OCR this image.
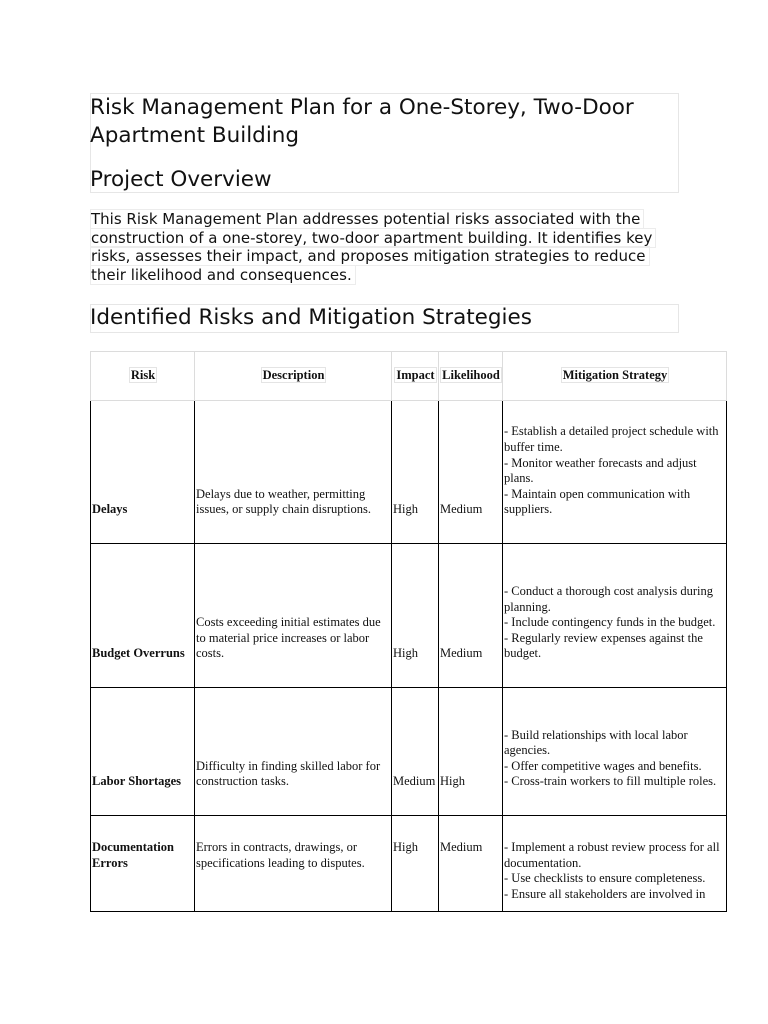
Risk Management Plan for a One-Storey, Two-Door Apartment Building
Project Overview
This Risk Management Plan addresses potential risks associated with the
construction of a one-storey, two-door apartment building. It identifies key
risks, assesses their impact, and proposes mitigation strategies to reduce
their likelihood and consequences.
Identified Risks and Mitigation Strategies
Risk	Description	Impact	Likelihood	Mitigation Strategy
Delays	Delays due to weather, permitting issues, or supply chain disruptions.	High	Medium	- Establish a detailed project schedule with buffer time.
- Monitor weather forecasts and adjust plans.
- Maintain open communication with suppliers.

Budget Overruns	Costs exceeding initial estimates due to material price increases or labor costs.	High	Medium	- Conduct a thorough cost analysis during planning.
- Include contingency funds in the budget.
- Regularly review expenses against the budget.

Labor Shortages	Difficulty in finding skilled labor for construction tasks.	Medium	High	- Build relationships with local labor agencies.
- Offer competitive wages and benefits.
- Cross-train workers to fill multiple roles.

Documentation Errors	Errors in contracts, drawings, or specifications leading to disputes.	High	Medium	- Implement a robust review process for all documentation.
- Use checklists to ensure completeness.
- Ensure all stakeholders are involved in
